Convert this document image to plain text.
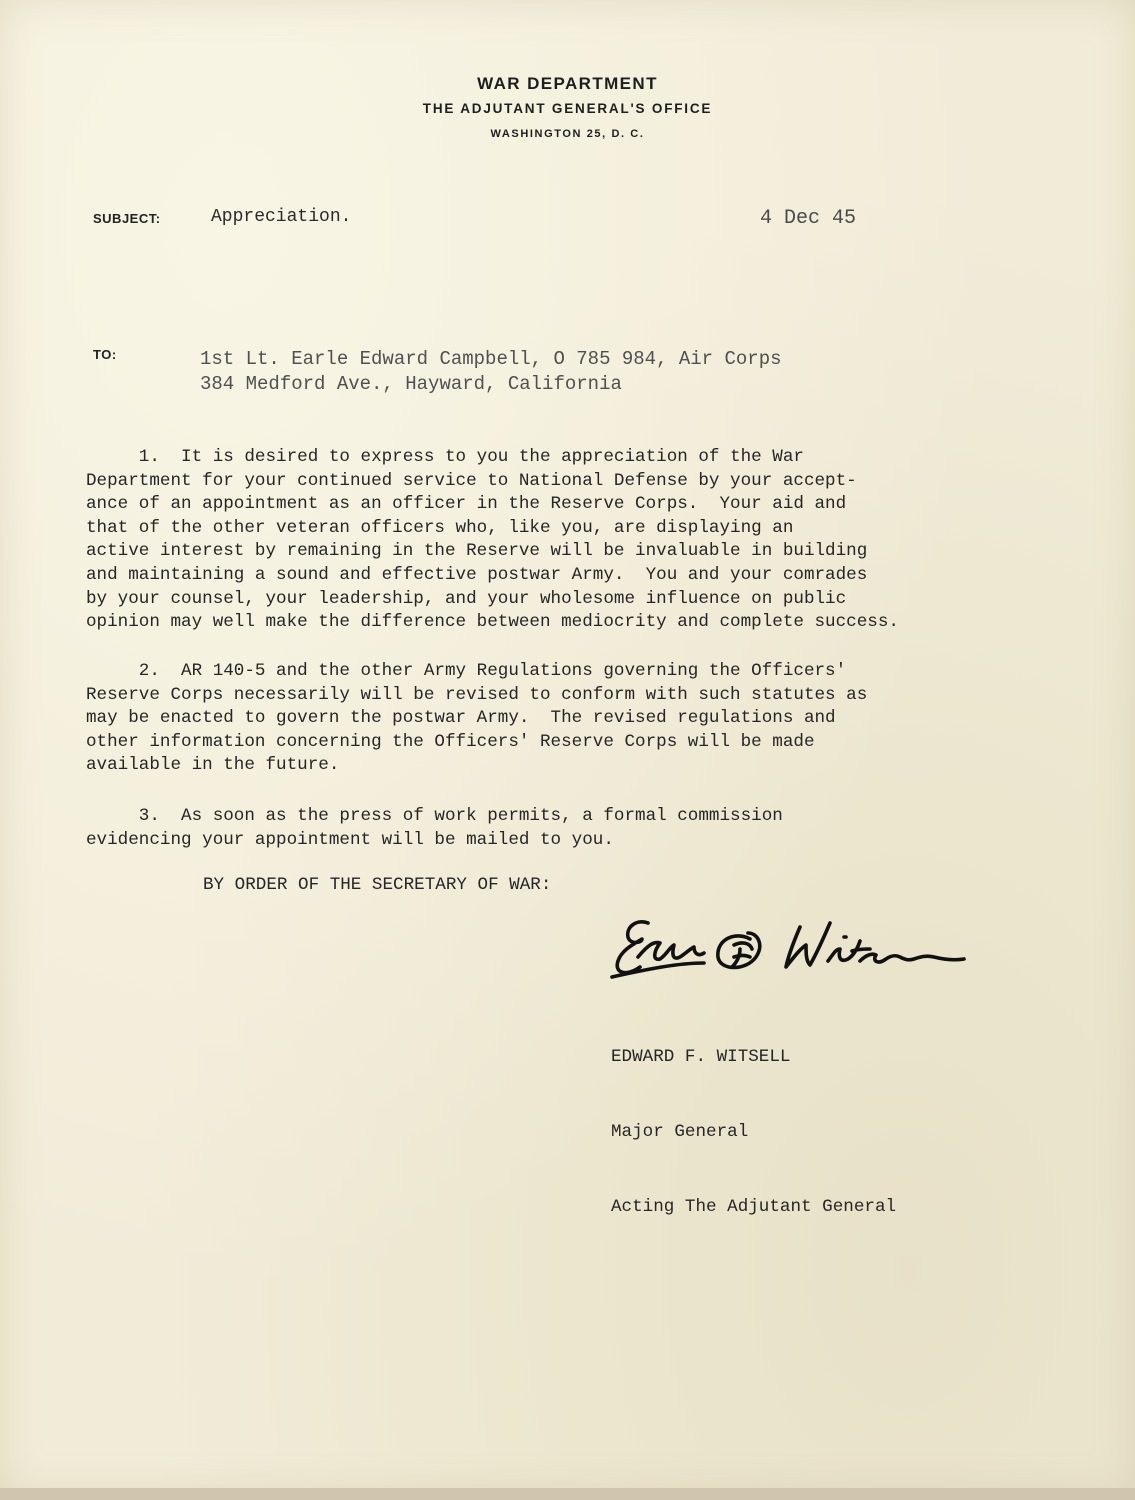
WAR DEPARTMENT

THE ADJUTANT GENERAL'S OFFICE

WASHINGTON 25, D. C.

SUBJECT:	Appreciation.	4 Dec 45

TO:	1st Lt. Earle Edward Campbell, O 785 984, Air Corps

384 Medford Ave., Hayward, California

1.  It is desired to express to you the appreciation of the War
Department for your continued service to National Defense by your accept-
ance of an appointment as an officer in the Reserve Corps.  Your aid and
that of the other veteran officers who, like you, are displaying an
active interest by remaining in the Reserve will be invaluable in building
and maintaining a sound and effective postwar Army.  You and your comrades
by your counsel, your leadership, and your wholesome influence on public
opinion may well make the difference between mediocrity and complete success.
2.  AR 140-5 and the other Army Regulations governing the Officers'
Reserve Corps necessarily will be revised to conform with such statutes as
may be enacted to govern the postwar Army.  The revised regulations and
other information concerning the Officers' Reserve Corps will be made
available in the future.
3.  As soon as the press of work permits, a formal commission
evidencing your appointment will be mailed to you.

BY ORDER OF THE SECRETARY OF WAR:

EDWARD F. WITSELL

Major General

Acting The Adjutant General
